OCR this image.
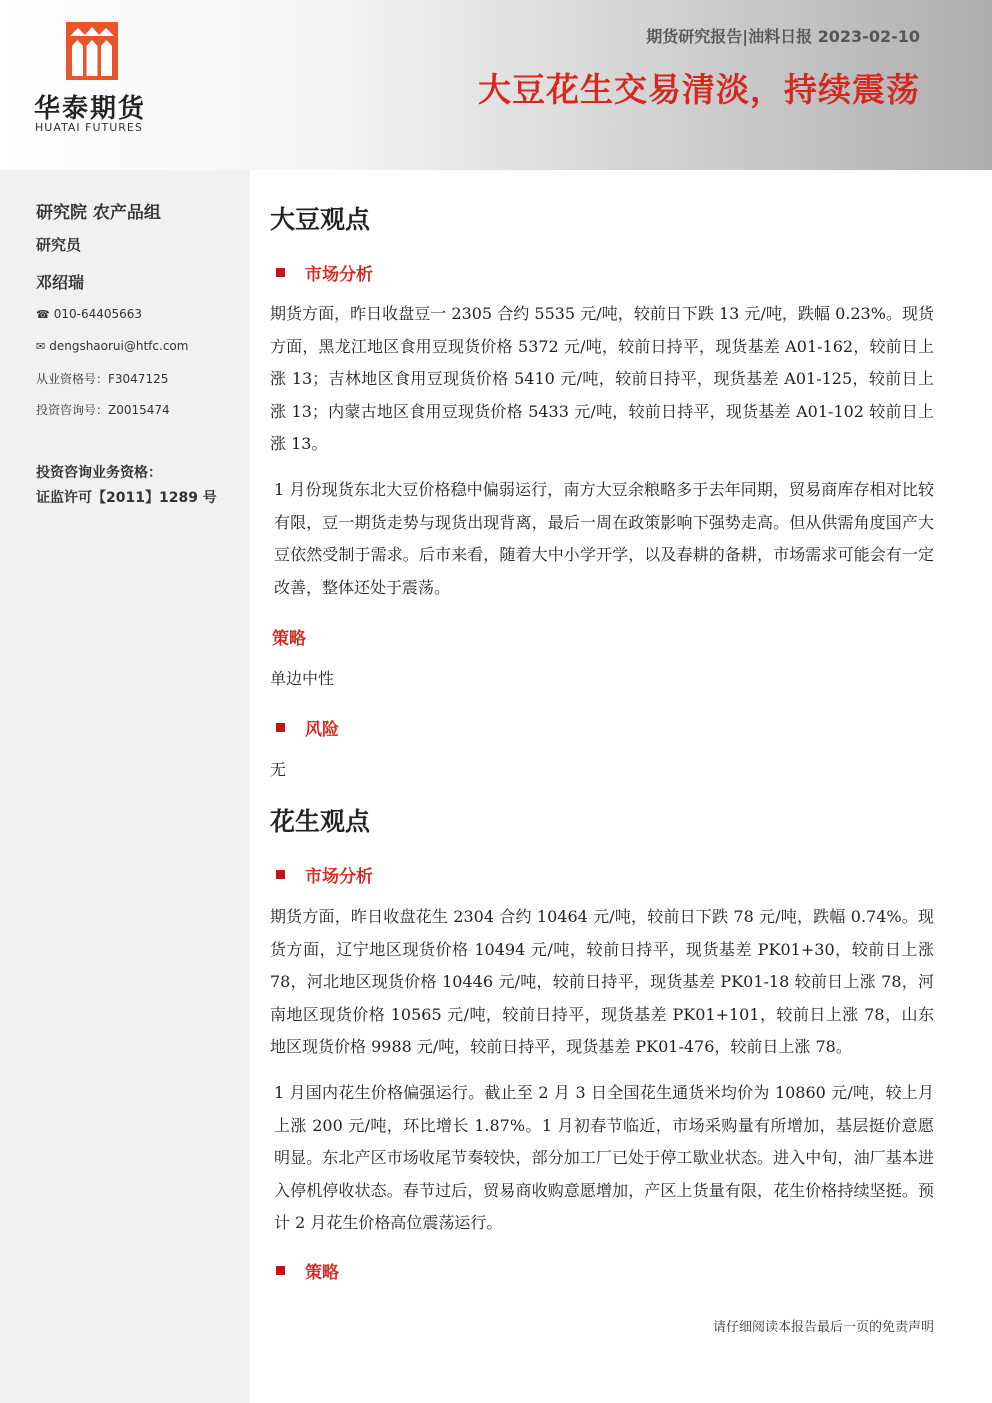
华泰期货
HUATAI FUTURES
期货研究报告|油料日报 2023-02-10
大豆花生交易清淡，持续震荡
研究院 农产品组
研究员
邓绍瑞
☎ 010-64405663
✉ dengshaorui@htfc.com
从业资格号：F3047125
投资咨询号：Z0015474
投资咨询业务资格：
证监许可【2011】1289 号
大豆观点
市场分析
期货方面，昨日收盘豆一 2305 合约 5535 元/吨，较前日下跌 13 元/吨，跌幅 0.23%。现货方面，黑龙江地区食用豆现货价格 5372 元/吨，较前日持平，现货基差 A01-162，较前日上涨 13；吉林地区食用豆现货价格 5410 元/吨，较前日持平，现货基差 A01-125，较前日上涨 13；内蒙古地区食用豆现货价格 5433 元/吨，较前日持平，现货基差 A01-102 较前日上涨 13。
1 月份现货东北大豆价格稳中偏弱运行，南方大豆余粮略多于去年同期，贸易商库存相对比较有限，豆一期货走势与现货出现背离，最后一周在政策影响下强势走高。但从供需角度国产大豆依然受制于需求。后市来看，随着大中小学开学，以及春耕的备耕，市场需求可能会有一定改善，整体还处于震荡。
策略
单边中性
风险
无
花生观点
市场分析
期货方面，昨日收盘花生 2304 合约 10464 元/吨，较前日下跌 78 元/吨，跌幅 0.74%。现货方面，辽宁地区现货价格 10494 元/吨，较前日持平，现货基差 PK01+30，较前日上涨 78，河北地区现货价格 10446 元/吨，较前日持平，现货基差 PK01-18 较前日上涨 78，河南地区现货价格 10565 元/吨，较前日持平，现货基差 PK01+101，较前日上涨 78，山东地区现货价格 9988 元/吨，较前日持平，现货基差 PK01-476，较前日上涨 78。
1 月国内花生价格偏强运行。截止至 2 月 3 日全国花生通货米均价为 10860 元/吨，较上月上涨 200 元/吨，环比增长 1.87%。1 月初春节临近，市场采购量有所增加，基层挺价意愿明显。东北产区市场收尾节奏较快，部分加工厂已处于停工歇业状态。进入中旬，油厂基本进入停机停收状态。春节过后，贸易商收购意愿增加，产区上货量有限，花生价格持续坚挺。预计 2 月花生价格高位震荡运行。
策略
请仔细阅读本报告最后一页的免责声明
